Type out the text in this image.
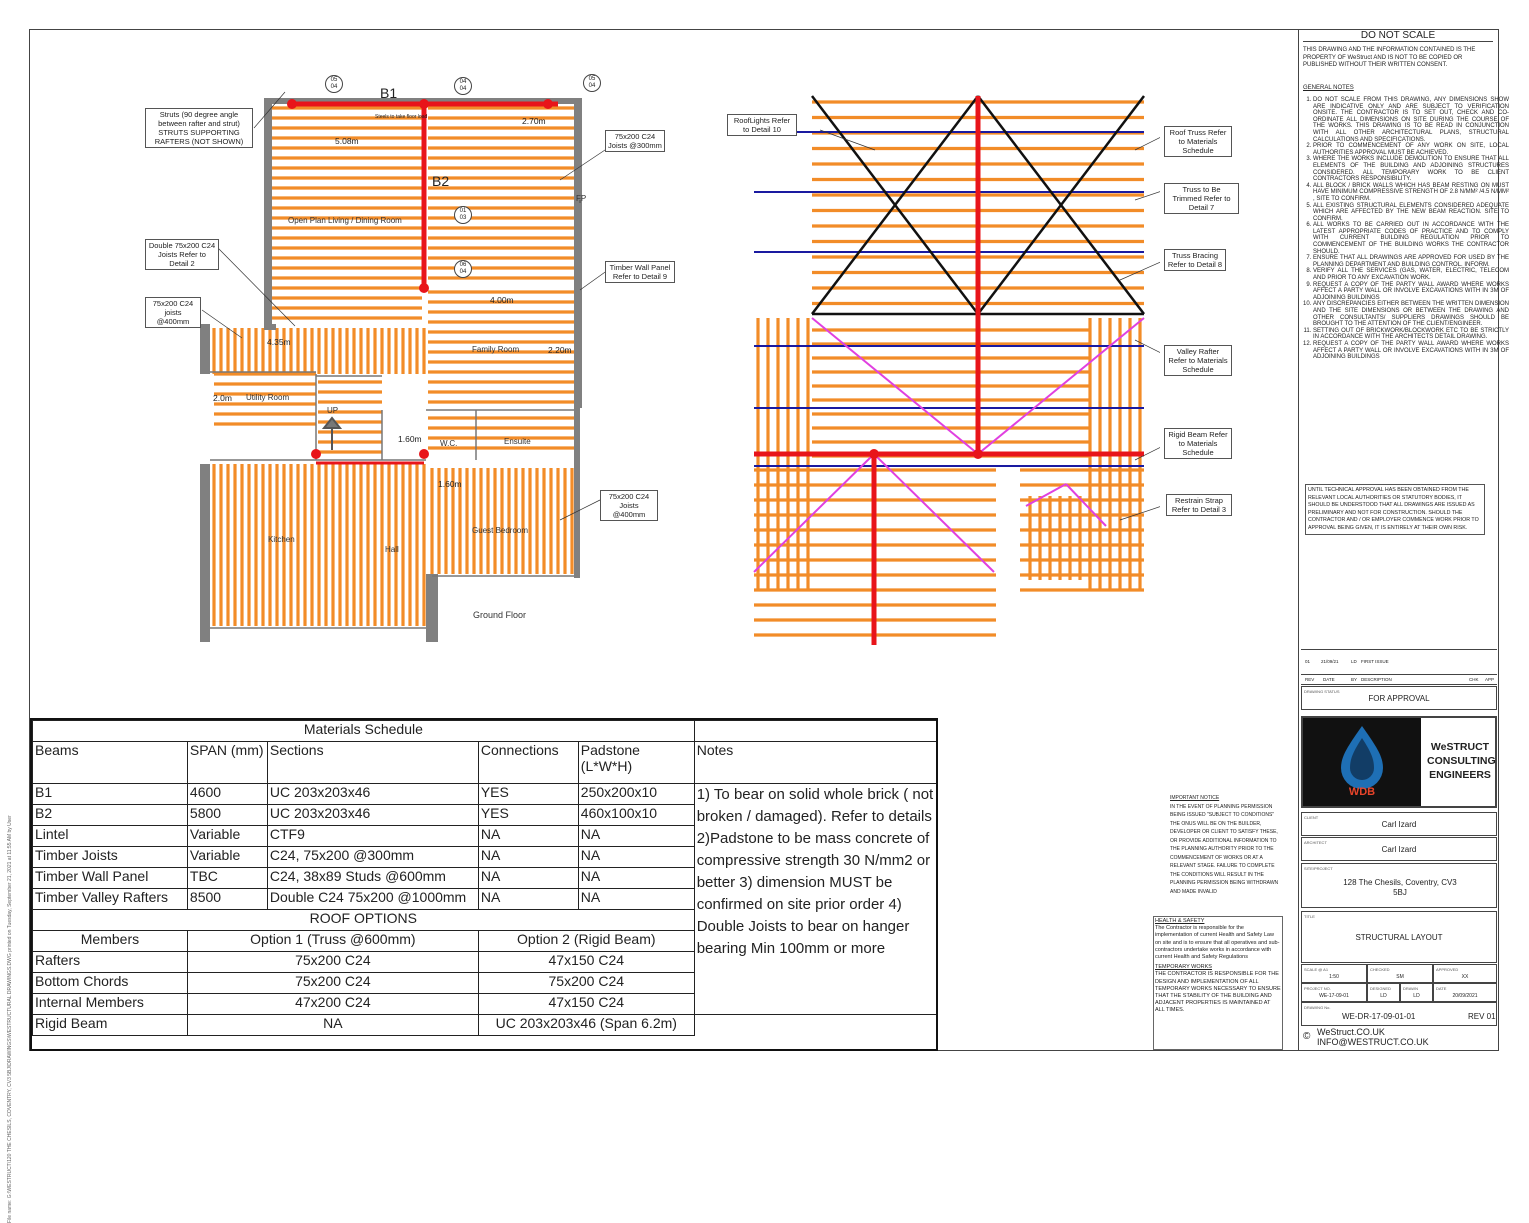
File name: G:\WESTRUCT\120 THE CHESILS, COVENTRY, CV3 5BJ\DRAWINGS\WESTRUCTURAL DRAWINGS.DWG printed on Tuesday, September 21, 2021 at 11:55 AM by User
B1
B2
Steels to take floor load
5.08m
2.70m
4.00m
4.35m
2.20m
2.0m
1.60m
1.60m
Open Plan Living / Dining Room
Family Room
Utility Room
W.C.	Ensuite
Kitchen
Hall
Guest Bedroom
FP
UP
Ground Floor
05
04
04
04
05
04
01
03
06
04
Struts (90 degree angle between rafter and strut) STRUTS SUPPORTING RAFTERS (NOT SHOWN)
75x200 C24 Joists @300mm
Double 75x200 C24 Joists Refer to Detail 2
75x200 C24 joists @400mm
Timber Wall Panel Refer to Detail 9
75x200 C24 Joists @400mm
RoofLights Refer to Detail 10	Roof Truss Refer to Materials Schedule
Truss to Be Trimmed Refer to Detail 7
Truss Bracing Refer to Detail 8
Valley Rafter Refer to Materials Schedule
Rigid Beam Refer to Materials Schedule
Restrain Strap Refer to Detail 3
Materials Schedule					
Beams	SPAN (mm)	Sections	Connections	Padstone (L*W*H)	Notes
B1	4600	UC 203x203x46	YES	250x200x10	1) To bear on solid whole brick ( not broken / damaged). Refer to details 2)Padstone to be mass concrete of compressive strength 30 N/mm2 or better 3) dimension MUST be confirmed on site prior order 4) Double Joists to bear on hanger bearing Min 100mm or more
B2	5800	UC 203x203x46	YES	460x100x10	
Lintel	Variable	CTF9	NA	NA	
Timber Joists	Variable	C24, 75x200 @300mm	NA	NA	
Timber Wall Panel	TBC	C24, 38x89 Studs @600mm	NA	NA	
Timber Valley Rafters	8500	Double C24 75x200 @1000mm	NA	NA	
ROOF OPTIONS					
Members	Option 1 (Truss @600mm)		Option 2 (Rigid Beam)		
Rafters	75x200 C24		47x150 C24		
Bottom Chords	75x200 C24		75x200 C24		
Internal Members	47x200 C24		47x150 C24		
Rigid Beam	NA		UC 203x203x46 (Span 6.2m)		
IMPORTANT NOTICE
IN THE EVENT OF PLANNING PERMISSION BEING ISSUED "SUBJECT TO CONDITIONS" THE ONUS WILL BE ON THE BUILDER, DEVELOPER OR CLIENT TO SATISFY THESE, OR PROVIDE ADDITIONAL INFORMATION TO THE PLANNING AUTHORITY PRIOR TO THE COMMENCEMENT OF WORKS OR AT A RELEVANT STAGE. FAILURE TO COMPLETE THE CONDITIONS WILL RESULT IN THE PLANNING PERMISSION BEING WITHDRAWN AND MADE INVALID
HEALTH & SAFETY
The Contractor is responsible for the implementation of current Health and Safety Law on site and is to ensure that all operatives and sub-contractors undertake works in accordance with current Health and Safety Regulations
TEMPORARY WORKS
THE CONTRACTOR IS RESPONSIBLE FOR THE DESIGN AND IMPLEMENTATION OF ALL TEMPORARY WORKS NECESSARY TO ENSURE THAT THE STABILITY OF THE BUILDING AND ADJACENT PROPERTIES IS MAINTAINED AT ALL TIMES.
DO NOT SCALE
THIS DRAWING AND THE INFORMATION CONTAINED IS THE PROPERTY OF WeStruct AND IS NOT TO BE COPIED OR PUBLISHED WITHOUT THEIR WRITTEN CONSENT.
GENERAL NOTES
1. DO NOT SCALE FROM THIS DRAWING, ANY DIMENSIONS SHOW ARE INDICATIVE ONLY AND ARE SUBJECT TO VERIFICATION ONSITE. THE CONTRACTOR IS TO SET OUT, CHECK AND CO-ORDINATE ALL DIMENSIONS ON SITE DURING THE COURSE OF THE WORKS. THIS DRAWING IS TO BE READ IN CONJUNCTION WITH ALL OTHER ARCHITECTURAL PLANS, STRUCTURAL CALCULATIONS AND SPECIFICATIONS.
2. PRIOR TO COMMENCEMENT OF ANY WORK ON SITE, LOCAL AUTHORITIES APPROVAL MUST BE ACHIEVED.
3. WHERE THE WORKS INCLUDE DEMOLITION TO ENSURE THAT ALL ELEMENTS OF THE BUILDING AND ADJOINING STRUCTURES CONSIDERED. ALL TEMPORARY WORK TO BE CLIENT CONTRACTORS RESPONSIBILITY.
4. ALL BLOCK / BRICK WALLS WHICH HAS BEAM RESTING ON MUST HAVE MINIMUM COMPRESSIVE STRENGTH OF 2.8 N/MM² /4.5 N/MM² , SITE TO CONFIRM.
5. ALL EXISTING STRUCTURAL ELEMENTS CONSIDERED ADEQUATE WHICH ARE AFFECTED BY THE NEW BEAM REACTION. SITE TO CONFIRM.
6. ALL WORKS TO BE CARRIED OUT IN ACCORDANCE WITH THE LATEST APPROPRIATE CODES OF PRACTICE AND TO COMPLY WITH CURRENT BUILDING REGULATION PRIOR TO COMMENCEMENT OF THE BUILDING WORKS THE CONTRACTOR SHOULD.
7. ENSURE THAT ALL DRAWINGS ARE APPROVED FOR USED BY THE PLANNING DEPARTMENT AND BUILDING CONTROL. INFORM.
8. VERIFY ALL THE SERVICES (GAS, WATER, ELECTRIC, TELECOM AND PRIOR TO ANY EXCAVATION WORK.
9. REQUEST A COPY OF THE PARTY WALL AWARD WHERE WORKS AFFECT A PARTY WALL OR INVOLVE EXCAVATIONS WITH IN 3M OF ADJOINING BUILDINGS
10. ANY DISCREPANCIES EITHER BETWEEN THE WRITTEN DIMENSION AND THE SITE DIMENSIONS OR BETWEEN THE DRAWING AND OTHER CONSULTANTS/ SUPPLIERS DRAWINGS SHOULD BE BROUGHT TO THE ATTENTION OF THE CLIENT/ENGINEER.
11. SETTING OUT OF BRICKWORK/BLOCKWORK ETC TO BE STRICTLY IN ACCORDANCE WITH THE ARCHITECTS DETAIL DRAWING.
12. REQUEST A COPY OF THE PARTY WALL AWARD WHERE WORKS AFFECT A PARTY WALL OR INVOLVE EXCAVATIONS WITH IN 3M OF ADJOINING BUILDINGS
UNTIL TECHNICAL APPROVAL HAS BEEN OBTAINED FROM THE RELEVANT LOCAL AUTHORITIES OR STATUTORY BODIES, IT SHOULD BE UNDERSTOOD THAT ALL DRAWINGS ARE ISSUED AS PRELIMINARY AND NOT FOR CONSTRUCTION. SHOULD THE CONTRACTOR AND / OR EMPLOYER COMMENCE WORK PRIOR TO APPROVAL BEING GIVEN, IT IS ENTIRELY AT THEIR OWN RISK.
01 21/09/21	LD FIRST ISSUE
REV DATE	BY DESCRIPTION	CHK APP
DRAWING STATUS
FOR APPROVAL
WDB
WeSTRUCT CONSULTING ENGINEERS
CLIENT
Carl Izard
ARCHITECT
Carl Izard
SITE/PROJECT
128 The Chesils, Coventry, CV3 5BJ
TITLE
STRUCTURAL LAYOUT
SCALE @ A1
1:50
CHECKED
SM
APPROVED
XX
PROJECT NO.
WE-17-09-01
DESIGNED
LD
DRAWN
LD
DATE
20/09/2021
DRAWING No.
WE-DR-17-09-01-01	REV 01
© WeStruct.CO.UK
INFO@WESTRUCT.CO.UK
